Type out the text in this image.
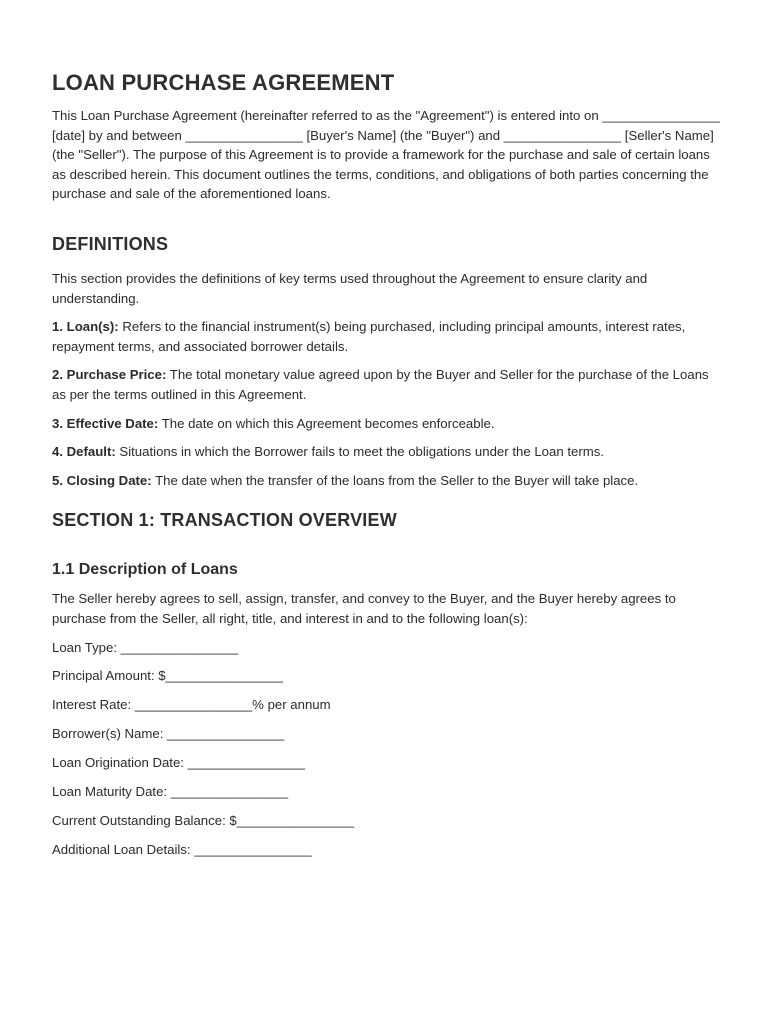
LOAN PURCHASE AGREEMENT

This Loan Purchase Agreement (hereinafter referred to as the "Agreement") is entered into on ________________ [date] by and between ________________ [Buyer's Name] (the "Buyer") and ________________ [Seller's Name] (the "Seller"). The purpose of this Agreement is to provide a framework for the purchase and sale of certain loans as described herein. This document outlines the terms, conditions, and obligations of both parties concerning the purchase and sale of the aforementioned loans.

DEFINITIONS

This section provides the definitions of key terms used throughout the Agreement to ensure clarity and understanding.

1. Loan(s): Refers to the financial instrument(s) being purchased, including principal amounts, interest rates, repayment terms, and associated borrower details.

2. Purchase Price: The total monetary value agreed upon by the Buyer and Seller for the purchase of the Loans as per the terms outlined in this Agreement.

3. Effective Date: The date on which this Agreement becomes enforceable.

4. Default: Situations in which the Borrower fails to meet the obligations under the Loan terms.

5. Closing Date: The date when the transfer of the loans from the Seller to the Buyer will take place.

SECTION 1: TRANSACTION OVERVIEW
1.1 Description of Loans

The Seller hereby agrees to sell, assign, transfer, and convey to the Buyer, and the Buyer hereby agrees to purchase from the Seller, all right, title, and interest in and to the following loan(s):

Loan Type: ________________

Principal Amount: $________________

Interest Rate: ________________% per annum

Borrower(s) Name: ________________

Loan Origination Date: ________________

Loan Maturity Date: ________________

Current Outstanding Balance: $________________

Additional Loan Details: ________________
